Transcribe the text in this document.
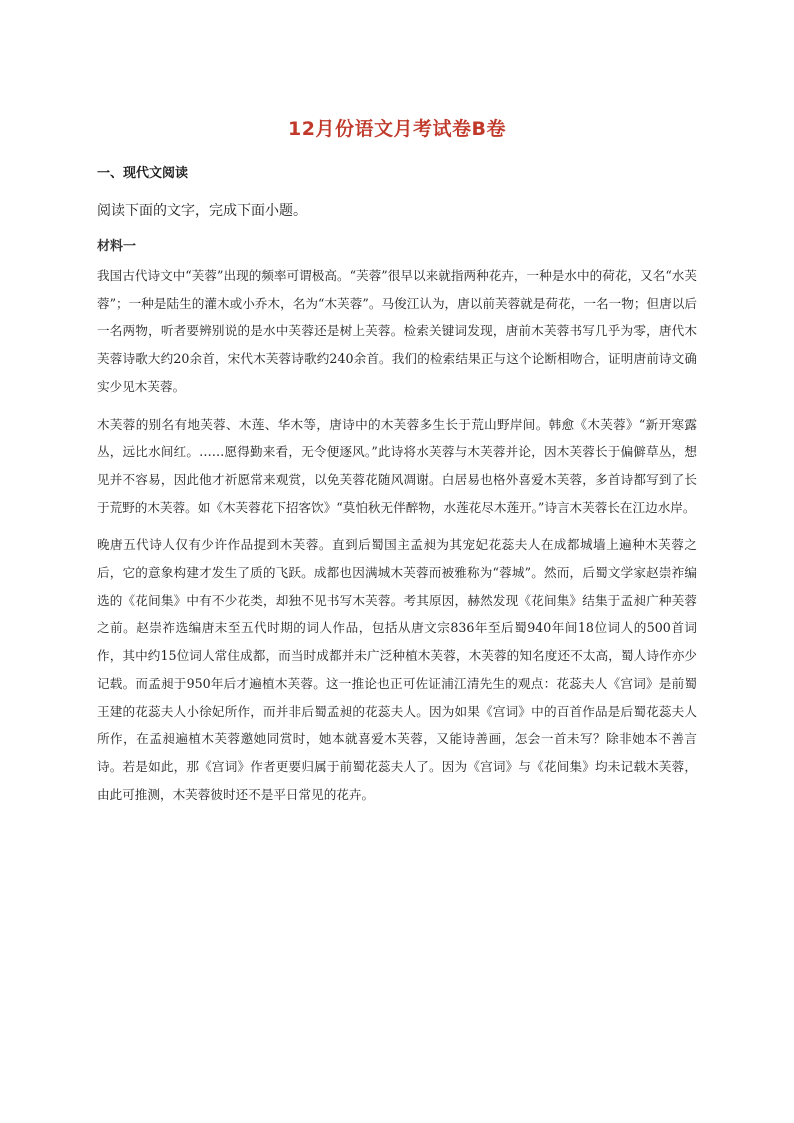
12月份语文月考试卷B卷
一、现代文阅读
阅读下面的文字，完成下面小题。
材料一

我国古代诗文中“芙蓉”出现的频率可谓极高。“芙蓉”很早以来就指两种花卉，一种是水中的荷花，又名“水芙蓉”；一种是陆生的灌木或小乔木，名为“木芙蓉”。马俊江认为，唐以前芙蓉就是荷花，一名一物；但唐以后一名两物，听者要辨别说的是水中芙蓉还是树上芙蓉。检索关键词发现，唐前木芙蓉书写几乎为零，唐代木芙蓉诗歌大约20余首，宋代木芙蓉诗歌约240余首。我们的检索结果正与这个论断相吻合，证明唐前诗文确实少见木芙蓉。

木芙蓉的别名有地芙蓉、木莲、华木等，唐诗中的木芙蓉多生长于荒山野岸间。韩愈《木芙蓉》“新开寒露丛，远比水间红。……愿得勤来看，无令便逐风。”此诗将水芙蓉与木芙蓉并论，因木芙蓉长于偏僻草丛，想见并不容易，因此他才祈愿常来观赏，以免芙蓉花随风凋谢。白居易也格外喜爱木芙蓉，多首诗都写到了长于荒野的木芙蓉。如《木芙蓉花下招客饮》“莫怕秋无伴醉物，水莲花尽木莲开。”诗言木芙蓉长在江边水岸。

晚唐五代诗人仅有少许作品提到木芙蓉。直到后蜀国主孟昶为其宠妃花蕊夫人在成都城墙上遍种木芙蓉之后，它的意象构建才发生了质的飞跃。成都也因满城木芙蓉而被雅称为“蓉城”。然而，后蜀文学家赵崇祚编选的《花间集》中有不少花类，却独不见书写木芙蓉。考其原因，赫然发现《花间集》结集于孟昶广种芙蓉之前。赵崇祚选编唐末至五代时期的词人作品，包括从唐文宗836年至后蜀940年间18位词人的500首词作，其中约15位词人常住成都，而当时成都并未广泛种植木芙蓉，木芙蓉的知名度还不太高，蜀人诗作亦少记载。而孟昶于950年后才遍植木芙蓉。这一推论也正可佐证浦江清先生的观点：花蕊夫人《宫词》是前蜀王建的花蕊夫人小徐妃所作，而并非后蜀孟昶的花蕊夫人。因为如果《宫词》中的百首作品是后蜀花蕊夫人所作，在孟昶遍植木芙蓉邀她同赏时，她本就喜爱木芙蓉，又能诗善画，怎会一首未写？除非她本不善言诗。若是如此，那《宫词》作者更要归属于前蜀花蕊夫人了。因为《宫词》与《花间集》均未记载木芙蓉，由此可推测，木芙蓉彼时还不是平日常见的花卉。
